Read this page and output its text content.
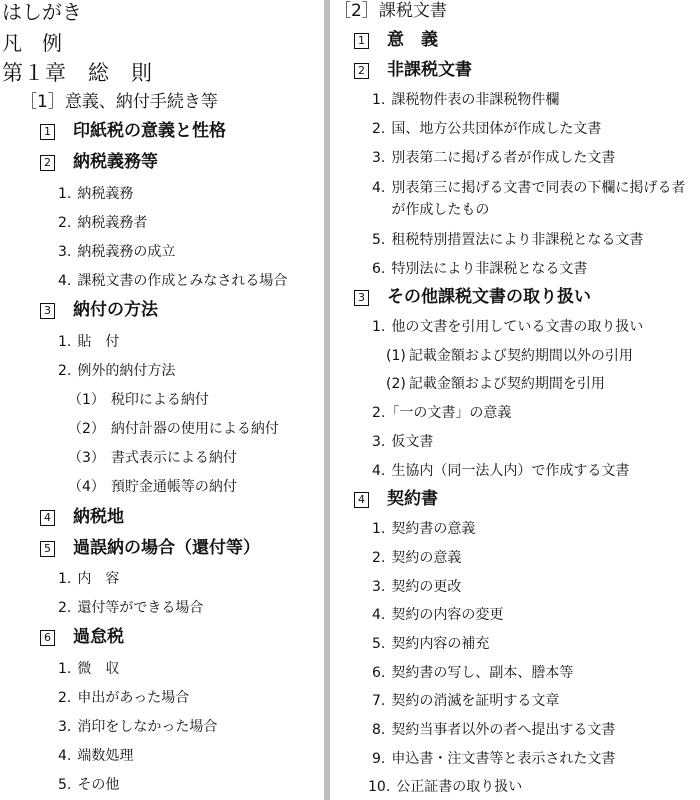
はしがき
凡　例
第１章　総　則
［1］意義、納付手続き等
1 印紙税の意義と性格
2 納税義務等
1. 納税義務
2. 納税義務者
3. 納税義務の成立
4. 課税文書の作成とみなされる場合
3 納付の方法
1. 貼　付
2. 例外的納付方法
（1） 税印による納付
（2） 納付計器の使用による納付
（3） 書式表示による納付
（4） 預貯金通帳等の納付
4 納税地
5 過誤納の場合（還付等）
1. 内　容
2. 還付等ができる場合
6 過怠税
1. 微　収
2. 申出があった場合
3. 消印をしなかった場合
4. 端数処理
5. その他
［2］課税文書
1 意　義
2 非課税文書
1. 課税物件表の非課税物件欄
2. 国、地方公共団体が作成した文書
3. 別表第二に掲げる者が作成した文書
4. 別表第三に掲げる文書で同表の下欄に掲げる者が作成したもの
5. 租税特別措置法により非課税となる文書
6. 特別法により非課税となる文書
3 その他課税文書の取り扱い
1. 他の文書を引用している文書の取り扱い
(1) 記載金額および契約期間以外の引用
(2) 記載金額および契約期間を引用
2. 「一の文書」の意義
3. 仮文書
4. 生協内（同一法人内）で作成する文書
4 契約書
1. 契約書の意義
2. 契約の意義
3. 契約の更改
4. 契約の内容の変更
5. 契約内容の補充
6. 契約書の写し、副本、謄本等
7. 契約の消滅を証明する文章
8. 契約当事者以外の者へ提出する文書
9. 申込書・注文書等と表示された文書
10. 公正証書の取り扱い
